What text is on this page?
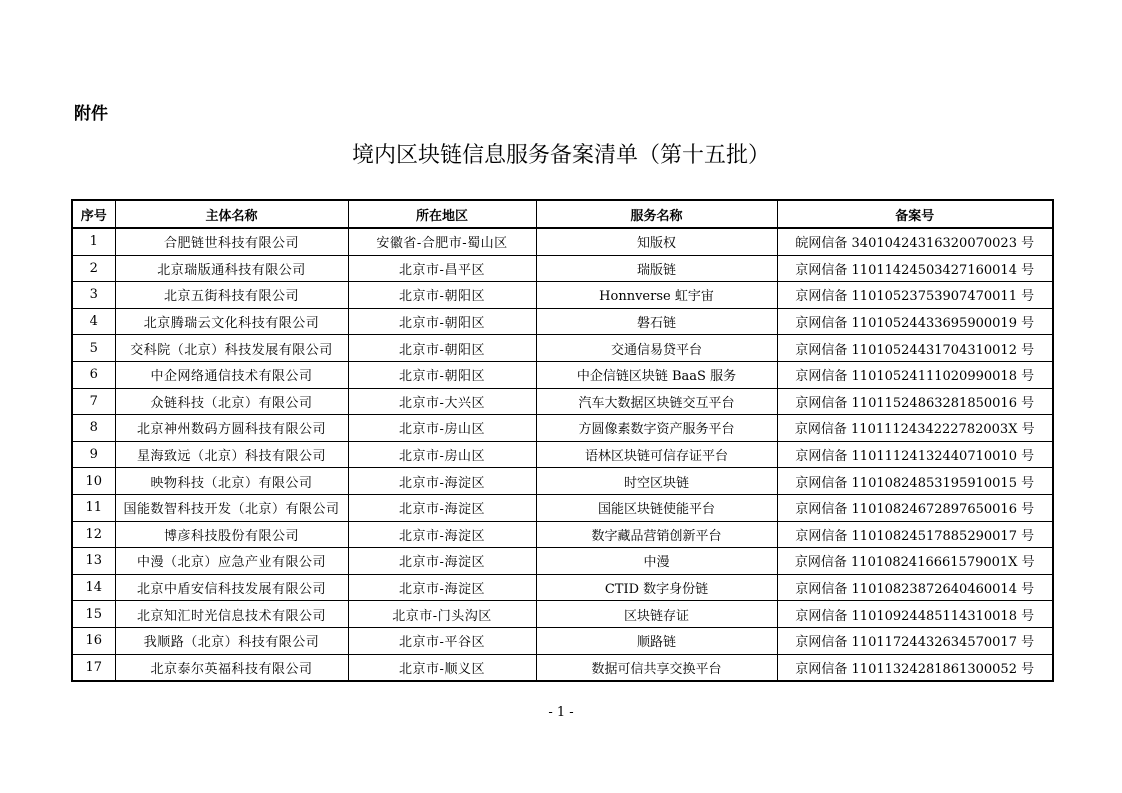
附件
境内区块链信息服务备案清单（第十五批）
序号	主体名称	所在地区	服务名称	备案号
1	合肥链世科技有限公司	安徽省-合肥市-蜀山区	知版权	皖网信备 34010424316320070023 号
2	北京瑞版通科技有限公司	北京市-昌平区	瑞版链	京网信备 11011424503427160014 号
3	北京五街科技有限公司	北京市-朝阳区	Honnverse 虹宇宙	京网信备 11010523753907470011 号
4	北京腾瑞云文化科技有限公司	北京市-朝阳区	磐石链	京网信备 11010524433695900019 号
5	交科院（北京）科技发展有限公司	北京市-朝阳区	交通信易贷平台	京网信备 11010524431704310012 号
6	中企网络通信技术有限公司	北京市-朝阳区	中企信链区块链 BaaS 服务	京网信备 11010524111020990018 号
7	众链科技（北京）有限公司	北京市-大兴区	汽车大数据区块链交互平台	京网信备 11011524863281850016 号
8	北京神州数码方圆科技有限公司	北京市-房山区	方圆像素数字资产服务平台	京网信备 1101112434222782003X 号
9	星海致远（北京）科技有限公司	北京市-房山区	语林区块链可信存证平台	京网信备 11011124132440710010 号
10	映物科技（北京）有限公司	北京市-海淀区	时空区块链	京网信备 11010824853195910015 号
11	国能数智科技开发（北京）有限公司	北京市-海淀区	国能区块链使能平台	京网信备 11010824672897650016 号
12	博彦科技股份有限公司	北京市-海淀区	数字藏品营销创新平台	京网信备 11010824517885290017 号
13	中漫（北京）应急产业有限公司	北京市-海淀区	中漫	京网信备 1101082416661579001X 号
14	北京中盾安信科技发展有限公司	北京市-海淀区	CTID 数字身份链	京网信备 11010823872640460014 号
15	北京知汇时光信息技术有限公司	北京市-门头沟区	区块链存证	京网信备 11010924485114310018 号
16	我顺路（北京）科技有限公司	北京市-平谷区	顺路链	京网信备 11011724432634570017 号
17	北京泰尔英福科技有限公司	北京市-顺义区	数据可信共享交换平台	京网信备 11011324281861300052 号
- 1 -
